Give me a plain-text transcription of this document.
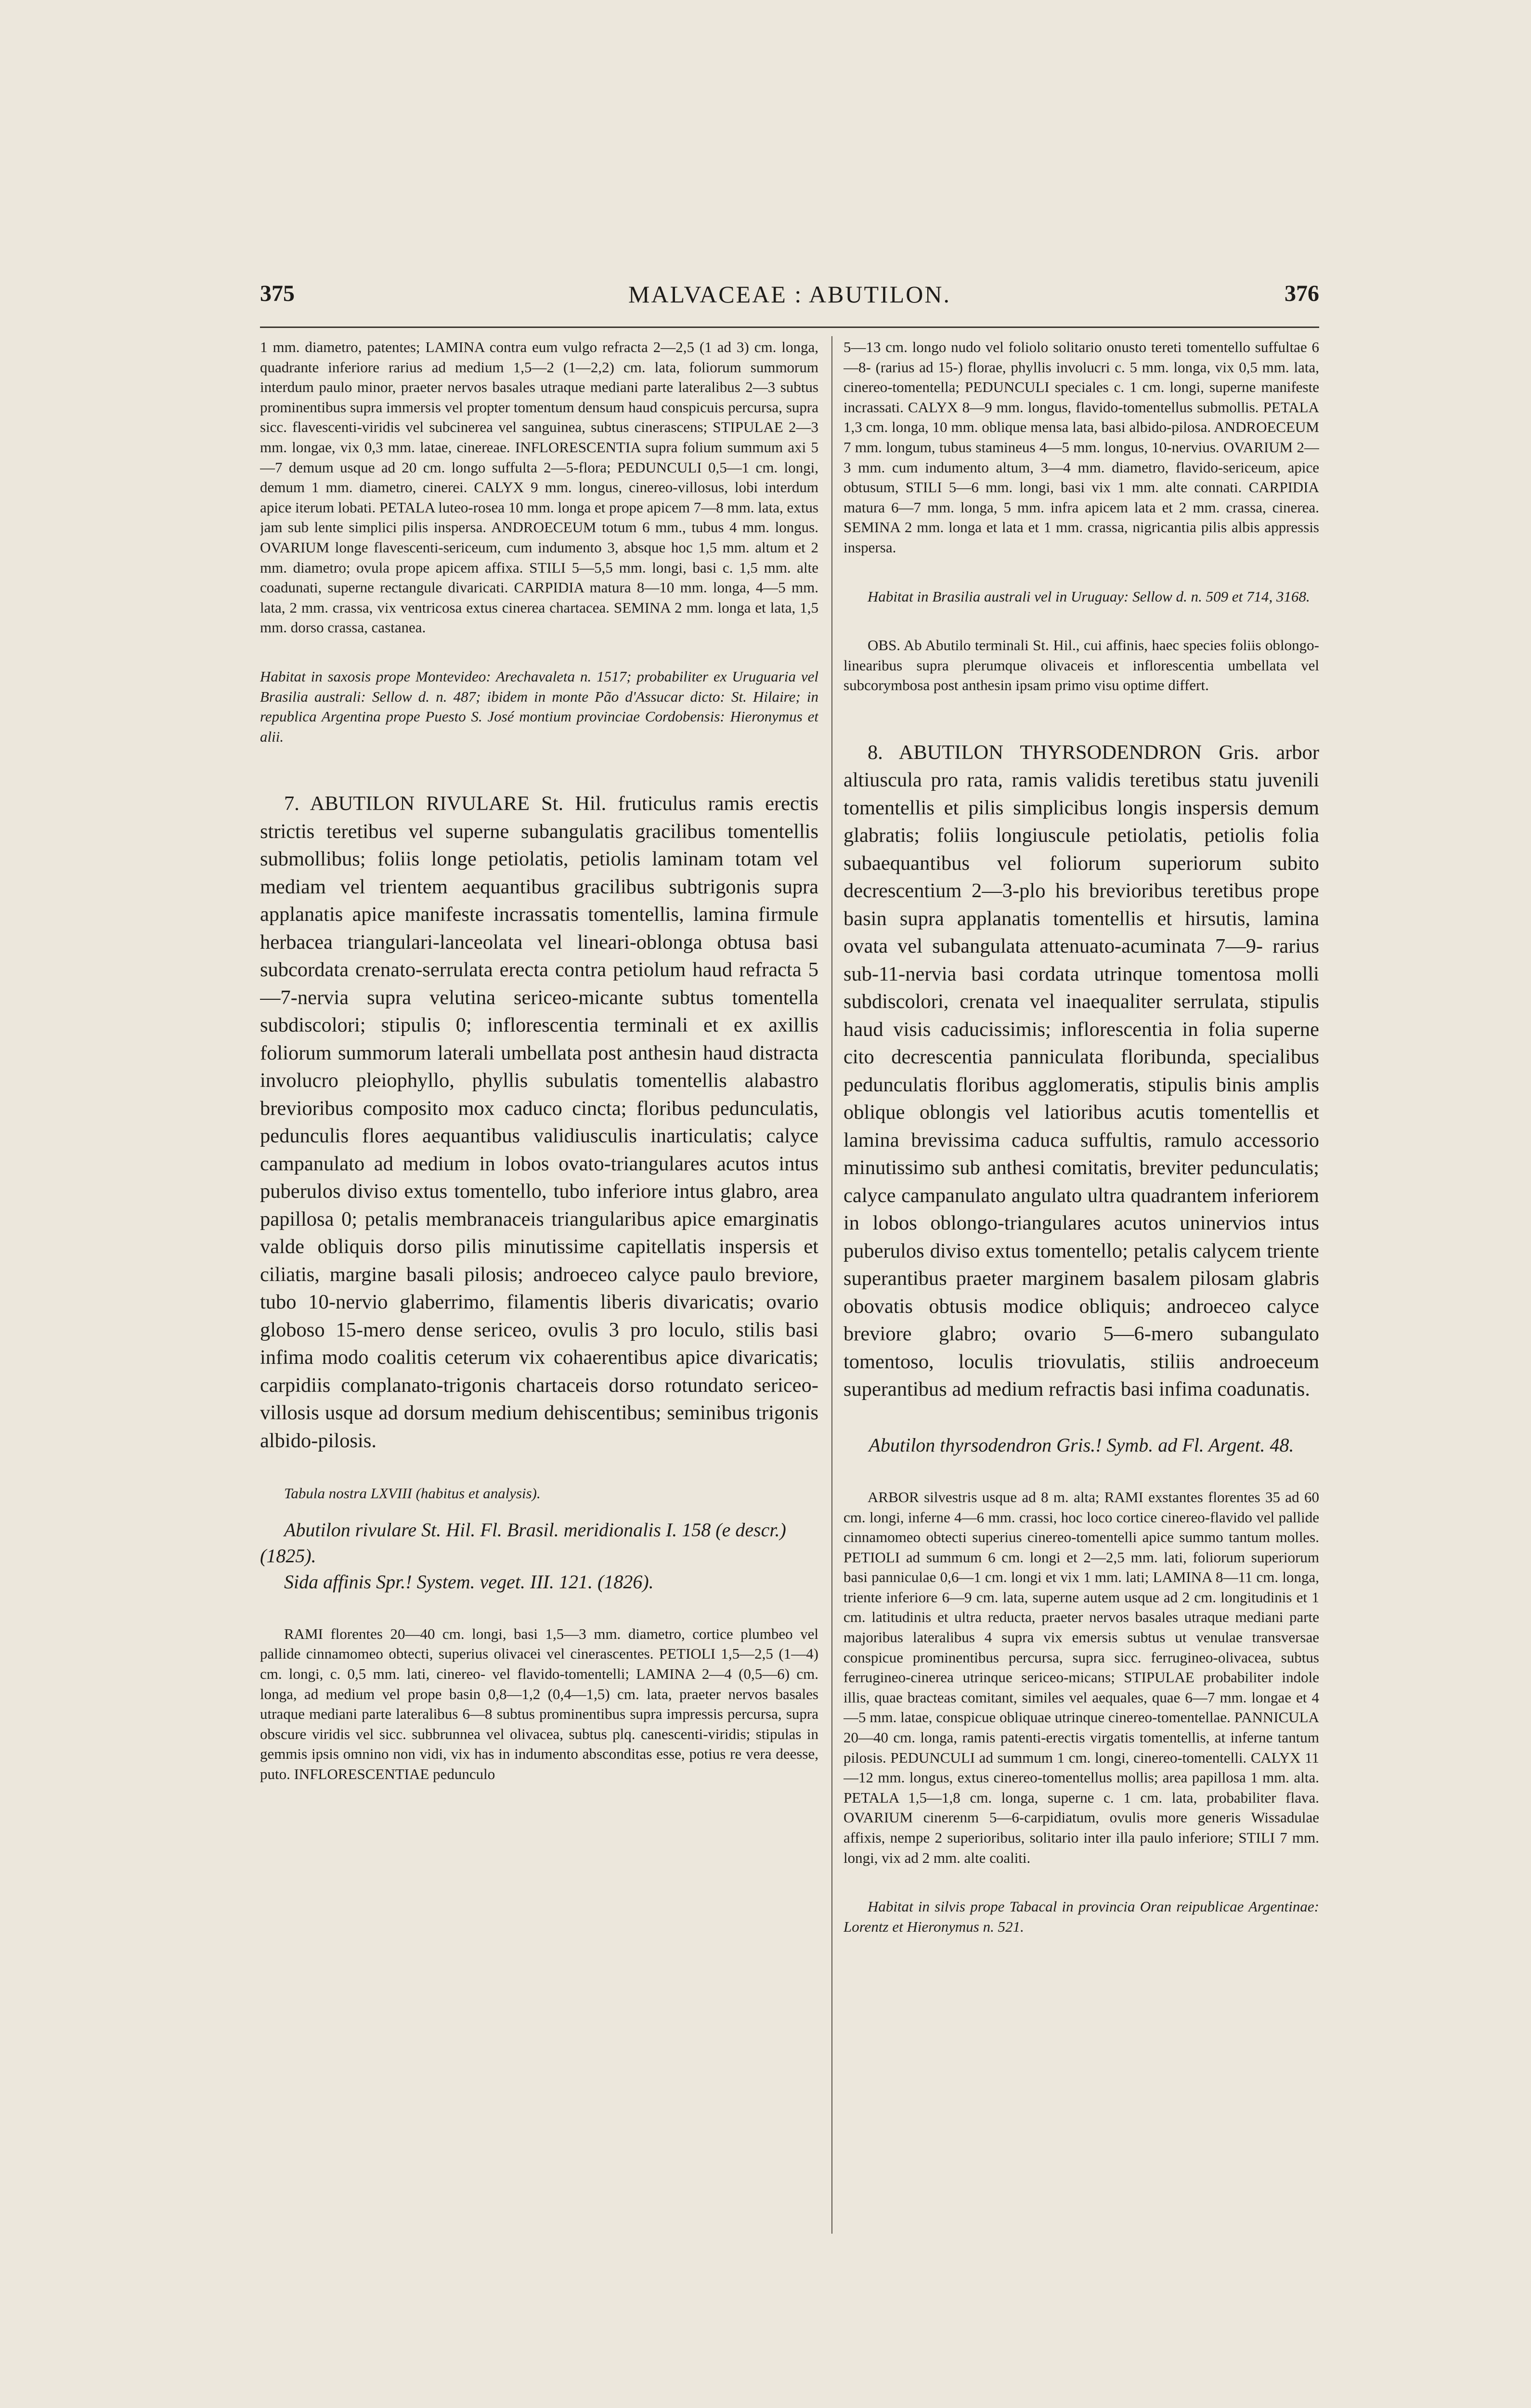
375	MALVACEAE : ABUTILON.	376

1 mm. diametro, patentes; LAMINA contra eum vulgo refracta 2—2,5 (1 ad 3) cm. longa, quadrante inferiore rarius ad medium 1,5—2 (1—2,2) cm. lata, foliorum summorum interdum paulo minor, praeter nervos basales utraque mediani parte lateralibus 2—3 subtus prominentibus supra immersis vel propter tomentum densum haud conspicuis percursa, supra sicc. flavescenti-viridis vel subcinerea vel sanguinea, subtus cinerascens; STIPULAE 2—3 mm. longae, vix 0,3 mm. latae, cinereae. INFLORESCENTIA supra folium summum axi 5—7 demum usque ad 20 cm. longo suffulta 2—5-flora; PEDUNCULI 0,5—1 cm. longi, demum 1 mm. diametro, cinerei. CALYX 9 mm. longus, cinereo-villosus, lobi interdum apice iterum lobati. PETALA luteo-rosea 10 mm. longa et prope apicem 7—8 mm. lata, extus jam sub lente simplici pilis inspersa. ANDROECEUM totum 6 mm., tubus 4 mm. longus. OVARIUM longe flavescenti-sericeum, cum indumento 3, absque hoc 1,5 mm. altum et 2 mm. diametro; ovula prope apicem affixa. STILI 5—5,5 mm. longi, basi c. 1,5 mm. alte coadunati, superne rectangule divaricati. CARPIDIA matura 8—10 mm. longa, 4—5 mm. lata, 2 mm. crassa, vix ventricosa extus cinerea chartacea. SEMINA 2 mm. longa et lata, 1,5 mm. dorso crassa, castanea.

Habitat in saxosis prope Montevideo: Arechavaleta n. 1517; probabiliter ex Uruguaria vel Brasilia australi: Sellow d. n. 487; ibidem in monte Pão d'Assucar dicto: St. Hilaire; in republica Argentina prope Puesto S. José montium provinciae Cordobensis: Hieronymus et alii.

7. ABUTILON RIVULARE St. Hil. fruticulus ramis erectis strictis teretibus vel superne subangulatis gracilibus tomentellis submollibus; foliis longe petiolatis, petiolis laminam totam vel mediam vel trientem aequantibus gracilibus subtrigonis supra applanatis apice manifeste incrassatis tomentellis, lamina firmule herbacea triangulari-lanceolata vel lineari-oblonga obtusa basi subcordata crenato-serrulata erecta contra petiolum haud refracta 5—7-nervia supra velutina sericeo-micante subtus tomentella subdiscolori; stipulis 0; inflorescentia terminali et ex axillis foliorum summorum laterali umbellata post anthesin haud distracta involucro pleiophyllo, phyllis subulatis tomentellis alabastro brevioribus composito mox caduco cincta; floribus pedunculatis, pedunculis flores aequantibus validiusculis inarticulatis; calyce campanulato ad medium in lobos ovato-triangulares acutos intus puberulos diviso extus tomentello, tubo inferiore intus glabro, area papillosa 0; petalis membranaceis triangularibus apice emarginatis valde obliquis dorso pilis minutissime capitellatis inspersis et ciliatis, margine basali pilosis; androeceo calyce paulo breviore, tubo 10-nervio glaberrimo, filamentis liberis divaricatis; ovario globoso 15-mero dense sericeo, ovulis 3 pro loculo, stilis basi infima modo coalitis ceterum vix cohaerentibus apice divaricatis; carpidiis complanato-trigonis chartaceis dorso rotundato sericeo-villosis usque ad dorsum medium dehiscentibus; seminibus trigonis albido-pilosis.

Tabula nostra LXVIII (habitus et analysis).

Abutilon rivulare St. Hil. Fl. Brasil. meridionalis I. 158 (e descr.) (1825).

Sida affinis Spr.! System. veget. III. 121. (1826).

RAMI florentes 20—40 cm. longi, basi 1,5—3 mm. diametro, cortice plumbeo vel pallide cinnamomeo obtecti, superius olivacei vel cinerascentes. PETIOLI 1,5—2,5 (1—4) cm. longi, c. 0,5 mm. lati, cinereo- vel flavido-tomentelli; LAMINA 2—4 (0,5—6) cm. longa, ad medium vel prope basin 0,8—1,2 (0,4—1,5) cm. lata, praeter nervos basales utraque mediani parte lateralibus 6—8 subtus prominentibus supra impressis percursa, supra obscure viridis vel sicc. subbrunnea vel olivacea, subtus plq. canescenti-viridis; stipulas in gemmis ipsis omnino non vidi, vix has in indumento absconditas esse, potius re vera deesse, puto. INFLORESCENTIAE pedunculo

5—13 cm. longo nudo vel foliolo solitario onusto tereti tomentello suffultae 6—8- (rarius ad 15-) florae, phyllis involucri c. 5 mm. longa, vix 0,5 mm. lata, cinereo-tomentella; PEDUNCULI speciales c. 1 cm. longi, superne manifeste incrassati. CALYX 8—9 mm. longus, flavido-tomentellus submollis. PETALA 1,3 cm. longa, 10 mm. oblique mensa lata, basi albido-pilosa. ANDROECEUM 7 mm. longum, tubus stamineus 4—5 mm. longus, 10-nervius. OVARIUM 2—3 mm. cum indumento altum, 3—4 mm. diametro, flavido-sericeum, apice obtusum, STILI 5—6 mm. longi, basi vix 1 mm. alte connati. CARPIDIA matura 6—7 mm. longa, 5 mm. infra apicem lata et 2 mm. crassa, cinerea. SEMINA 2 mm. longa et lata et 1 mm. crassa, nigricantia pilis albis appressis inspersa.

Habitat in Brasilia australi vel in Uruguay: Sellow d. n. 509 et 714, 3168.

OBS. Ab Abutilo terminali St. Hil., cui affinis, haec species foliis oblongo-linearibus supra plerumque olivaceis et inflorescentia umbellata vel subcorymbosa post anthesin ipsam primo visu optime differt.

8. ABUTILON THYRSODENDRON Gris. arbor altiuscula pro rata, ramis validis teretibus statu juvenili tomentellis et pilis simplicibus longis inspersis demum glabratis; foliis longiuscule petiolatis, petiolis folia subaequantibus vel foliorum superiorum subito decrescentium 2—3-plo his brevioribus teretibus prope basin supra applanatis tomentellis et hirsutis, lamina ovata vel subangulata attenuato-acuminata 7—9- rarius sub-11-nervia basi cordata utrinque tomentosa molli subdiscolori, crenata vel inaequaliter serrulata, stipulis haud visis caducissimis; inflorescentia in folia superne cito decrescentia panniculata floribunda, specialibus pedunculatis floribus agglomeratis, stipulis binis amplis oblique oblongis vel latioribus acutis tomentellis et lamina brevissima caduca suffultis, ramulo accessorio minutissimo sub anthesi comitatis, breviter pedunculatis; calyce campanulato angulato ultra quadrantem inferiorem in lobos oblongo-triangulares acutos uninervios intus puberulos diviso extus tomentello; petalis calycem triente superantibus praeter marginem basalem pilosam glabris obovatis obtusis modice obliquis; androeceo calyce breviore glabro; ovario 5—6-mero subangulato tomentoso, loculis triovulatis, stiliis androeceum superantibus ad medium refractis basi infima coadunatis.

Abutilon thyrsodendron Gris.! Symb. ad Fl. Argent. 48.

ARBOR silvestris usque ad 8 m. alta; RAMI exstantes florentes 35 ad 60 cm. longi, inferne 4—6 mm. crassi, hoc loco cortice cinereo-flavido vel pallide cinnamomeo obtecti superius cinereo-tomentelli apice summo tantum molles. PETIOLI ad summum 6 cm. longi et 2—2,5 mm. lati, foliorum superiorum basi panniculae 0,6—1 cm. longi et vix 1 mm. lati; LAMINA 8—11 cm. longa, triente inferiore 6—9 cm. lata, superne autem usque ad 2 cm. longitudinis et 1 cm. latitudinis et ultra reducta, praeter nervos basales utraque mediani parte majoribus lateralibus 4 supra vix emersis subtus ut venulae transversae conspicue prominentibus percursa, supra sicc. ferrugineo-olivacea, subtus ferrugineo-cinerea utrinque sericeo-micans; STIPULAE probabiliter indole illis, quae bracteas comitant, similes vel aequales, quae 6—7 mm. longae et 4—5 mm. latae, conspicue obliquae utrinque cinereo-tomentellae. PANNICULA 20—40 cm. longa, ramis patenti-erectis virgatis tomentellis, at inferne tantum pilosis. PEDUNCULI ad summum 1 cm. longi, cinereo-tomentelli. CALYX 11—12 mm. longus, extus cinereo-tomentellus mollis; area papillosa 1 mm. alta. PETALA 1,5—1,8 cm. longa, superne c. 1 cm. lata, probabiliter flava. OVARIUM cinerenm 5—6-carpidiatum, ovulis more generis Wissadulae affixis, nempe 2 superioribus, solitario inter illa paulo inferiore; STILI 7 mm. longi, vix ad 2 mm. alte coaliti.

Habitat in silvis prope Tabacal in provincia Oran reipublicae Argentinae: Lorentz et Hieronymus n. 521.
